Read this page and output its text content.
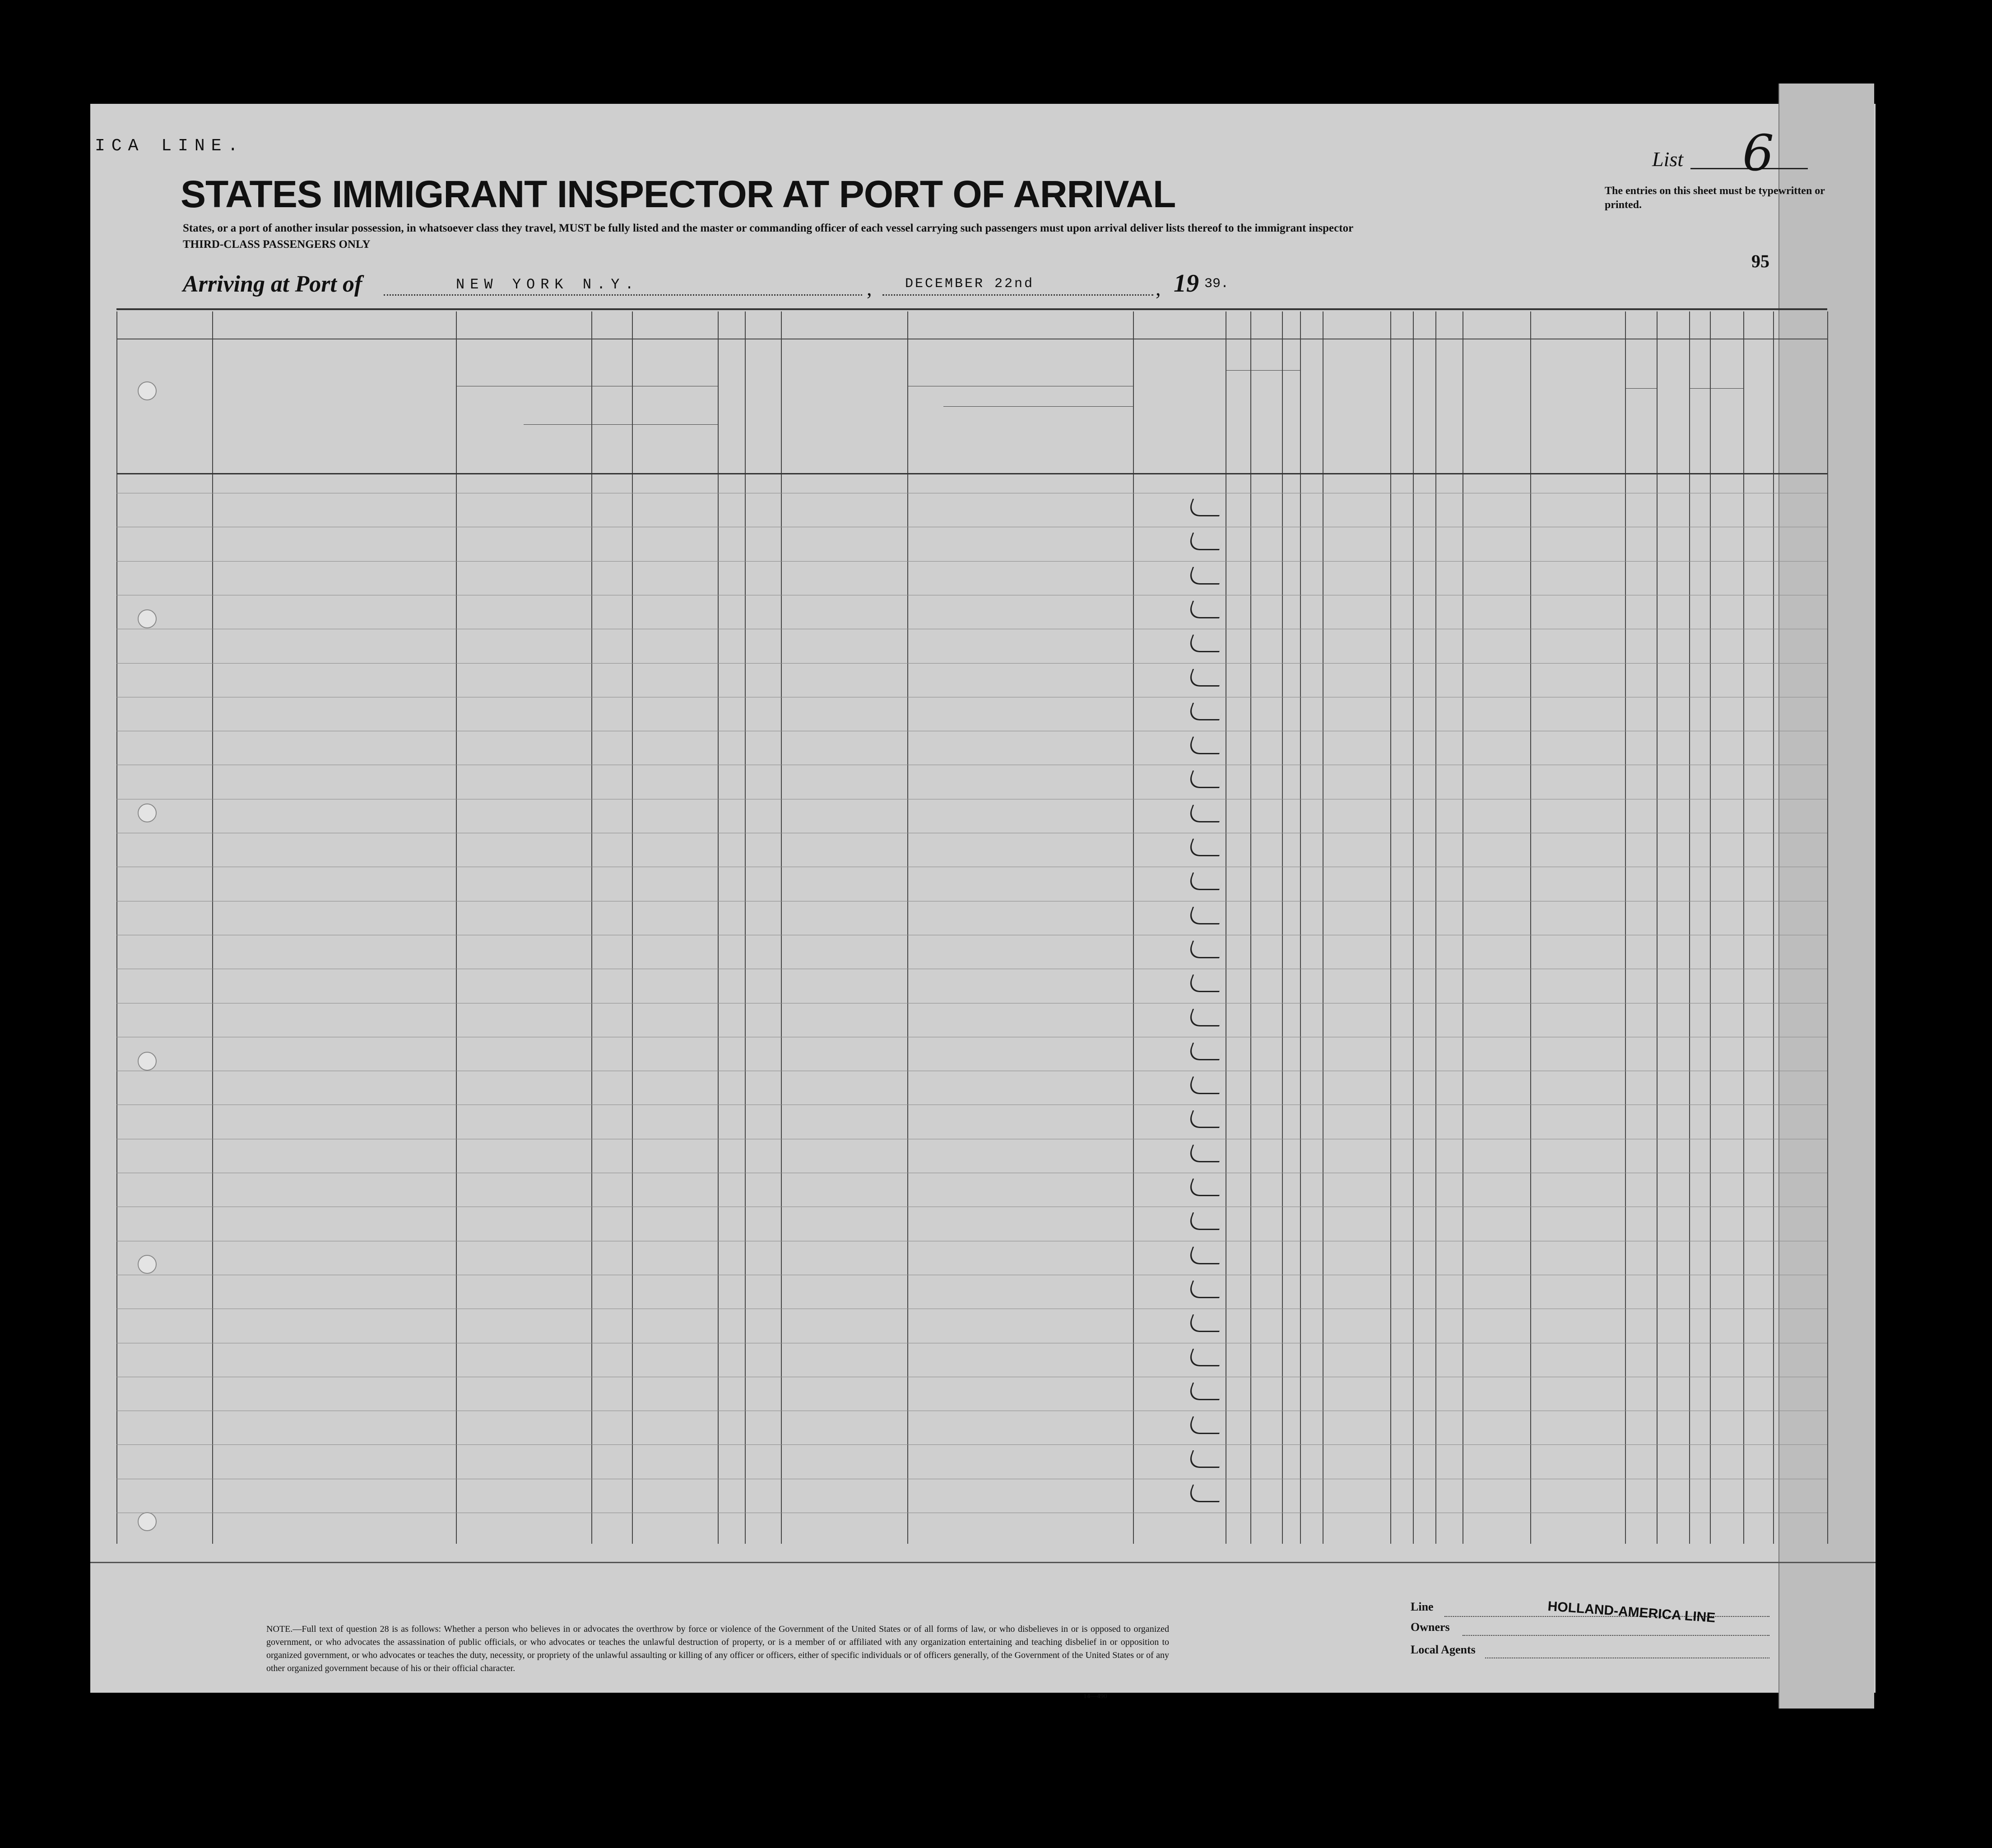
ICA LINE.
STATES IMMIGRANT INSPECTOR AT PORT OF ARRIVAL
States, or a port of another insular possession, in whatsoever class they travel, MUST be fully listed and the master or commanding officer of each vessel carrying such passengers must upon arrival deliver lists thereof to the immigrant inspector
THIRD-CLASS PASSENGERS ONLY
List 6
The entries on this sheet must be typewritten or printed.
95
Arriving at Port of	NEW YORK N.Y.	, DECEMBER 22nd	, 19 39.
NOTE.—Full text of question 28 is as follows: Whether a person who believes in or advocates the overthrow by force or violence of the Government of the United States or of all forms of law, or who disbelieves in or is opposed to organized government, or who advocates the assassination of public officials, or who advocates or teaches the unlawful destruction of property, or is a member of or affiliated with any organization entertaining and teaching disbelief in or opposition to organized government, or who advocates or teaches the duty, necessity, or propriety of the unlawful assaulting or killing of any officer or officers, either of specific individuals or of officers generally, of the Government of the United States or of any other organized government because of his or their official character.
14—490
Line	HOLLAND-AMERICA LINE
Owners
Local Agents
